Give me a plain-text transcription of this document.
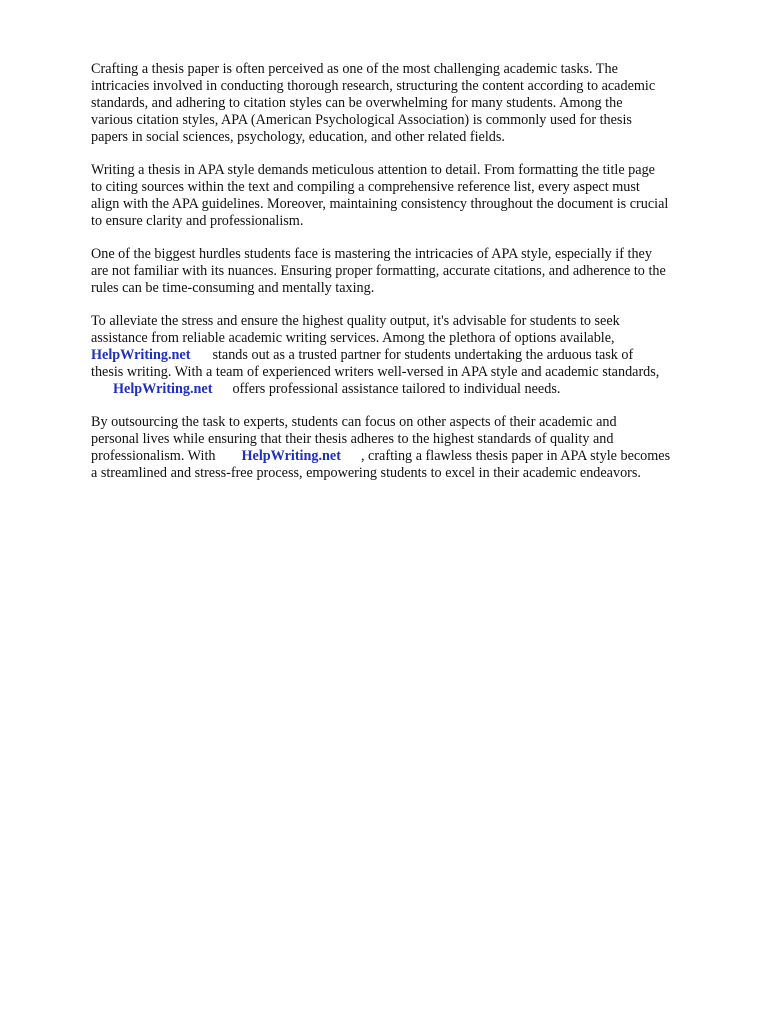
Crafting a thesis paper is often perceived as one of the most challenging academic tasks. The
intricacies involved in conducting thorough research, structuring the content according to academic
standards, and adhering to citation styles can be overwhelming for many students. Among the
various citation styles, APA (American Psychological Association) is commonly used for thesis
papers in social sciences, psychology, education, and other related fields.

Writing a thesis in APA style demands meticulous attention to detail. From formatting the title page
to citing sources within the text and compiling a comprehensive reference list, every aspect must
align with the APA guidelines. Moreover, maintaining consistency throughout the document is crucial
to ensure clarity and professionalism.

One of the biggest hurdles students face is mastering the intricacies of APA style, especially if they
are not familiar with its nuances. Ensuring proper formatting, accurate citations, and adherence to the
rules can be time-consuming and mentally taxing.

To alleviate the stress and ensure the highest quality output, it's advisable for students to seek
assistance from reliable academic writing services. Among the plethora of options available,
HelpWriting.net stands out as a trusted partner for students undertaking the arduous task of
thesis writing. With a team of experienced writers well-versed in APA style and academic standards,
HelpWriting.net offers professional assistance tailored to individual needs.

By outsourcing the task to experts, students can focus on other aspects of their academic and
personal lives while ensuring that their thesis adheres to the highest standards of quality and
professionalism. With HelpWriting.net , crafting a flawless thesis paper in APA style becomes
a streamlined and stress-free process, empowering students to excel in their academic endeavors.
